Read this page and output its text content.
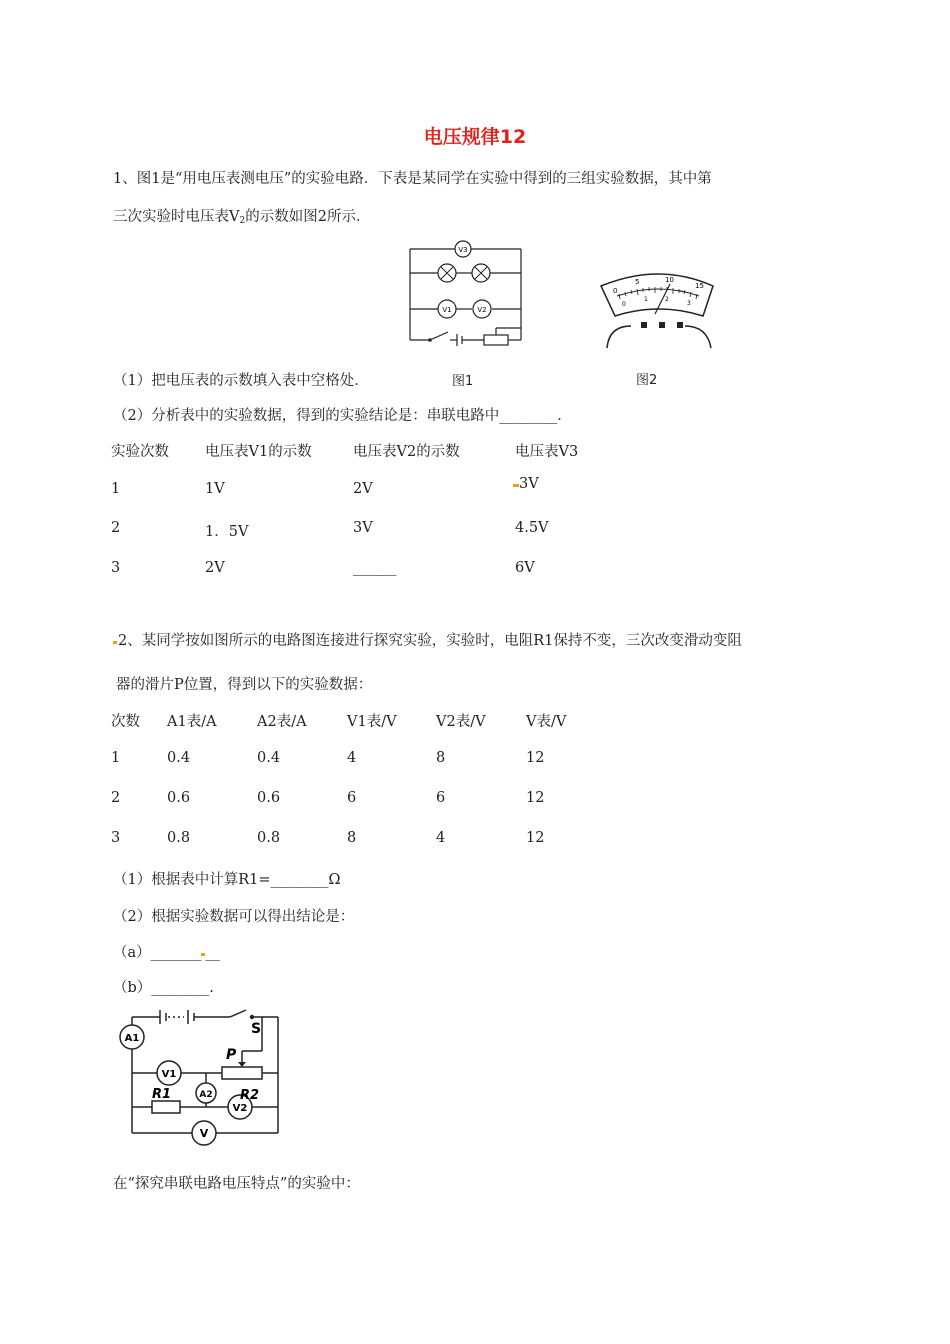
电压规律12
1、图1是“用电压表测电压”的实验电路．下表是某同学在实验中得到的三组实验数据，其中第
三次实验时电压表$V_2$的示数如图2所示．
V3
V1	V2
图1
0
5	10
15
0
1	2
3
图2
（1）把电压表的示数填入表中空格处．
（2）分析表中的实验数据，得到的实验结论是：串联电路中________．
实验次数 电压表V1的示数	电压表V2的示数	电压表V3
1	1V	2V	3V
2	1．5V	3V	4.5V
3	2V	______	6V
2、某同学按如图所示的电路图连接进行探究实验，实验时，电阻R1保持不变，三次改变滑动变阻
器的滑片P位置，得到以下的实验数据：
次数 A1表/A	A2表/A	V1表/V	V2表/V	V表/V
1	0.4	0.4	4	8	12
2	0.6	0.6	6	6	12
3	0.8	0.8	8	4	12
（1）根据表中计算R1=________Ω
（2）根据实验数据可以得出结论是：
（a）_______ __
（b）________.
S
P
R2
R1
A1
V1
A2
V2
V
在“探究串联电路电压特点”的实验中：
